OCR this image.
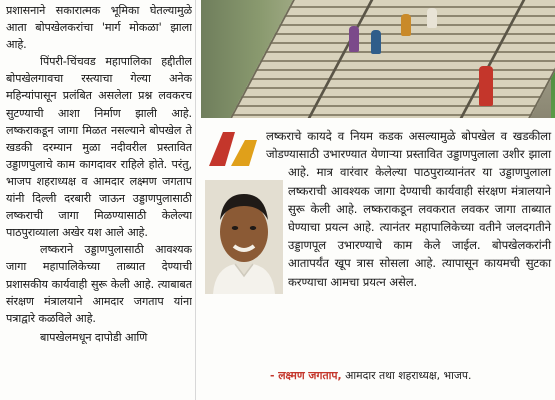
प्रशासनाने सकारात्मक भूमिका घेतल्यामुळे आता बोपखेलकरांचा 'मार्ग मोकळा' झाला आहे.

पिंपरी-चिंचवड महापालिका हद्दीतील बोपखेलगावचा रस्त्याचा गेल्या अनेक महिन्यांपासून प्रलंबित असलेला प्रश्न लवकरच सुटण्याची आशा निर्माण झाली आहे. लष्कराकडून जागा मिळत नसल्याने बोपखेल ते खडकी दरम्यान मुळा नदीवरील प्रस्तावित उड्डाणपुलाचे काम कागदावर राहिले होते. परंतु, भाजप शहराध्यक्ष व आमदार लक्ष्मण जगताप यांनी दिल्ली दरबारी जाऊन उड्डाणपुलासाठी लष्कराची जागा मिळण्यासाठी केलेल्या पाठपुराव्याला अखेर यश आले आहे.

लष्कराने उड्डाणपुलासाठी आवश्यक जागा महापालिकेच्या ताब्यात देण्याची प्रशासकीय कार्यवाही सुरू केली आहे. त्याबाबत संरक्षण मंत्रालयाने आमदार जगताप यांना पत्राद्वारे कळविले आहे.

बापखेलमधून दापोडी आणि

लष्कराचे कायदे व नियम कडक असल्यामुळे बोपखेल व खडकीला जोडण्यासाठी उभारण्यात येणाऱ्या प्रस्तावित उड्डाणपुलाला उशीर झाला आहे. मात्र वारंवार केलेल्या पाठपुराव्यानंतर या उड्डाणपुलाला लष्कराची आवश्यक जागा देण्याची कार्यवाही संरक्षण मंत्रालयाने सुरू केली आहे. लष्कराकडून लवकरात लवकर जागा ताब्यात घेण्याचा प्रयत्न आहे. त्यानंतर महापालिकेच्या वतीने जलदगतीने उड्डाणपूल उभारण्याचे काम केले जाईल. बोपखेलकरांनी आतापर्यंत खूप त्रास सोसला आहे. त्यापासून कायमची सुटका करण्याचा आमचा प्रयत्न असेल.

- लक्ष्मण जगताप, आमदार तथा शहराध्यक्ष, भाजप.
